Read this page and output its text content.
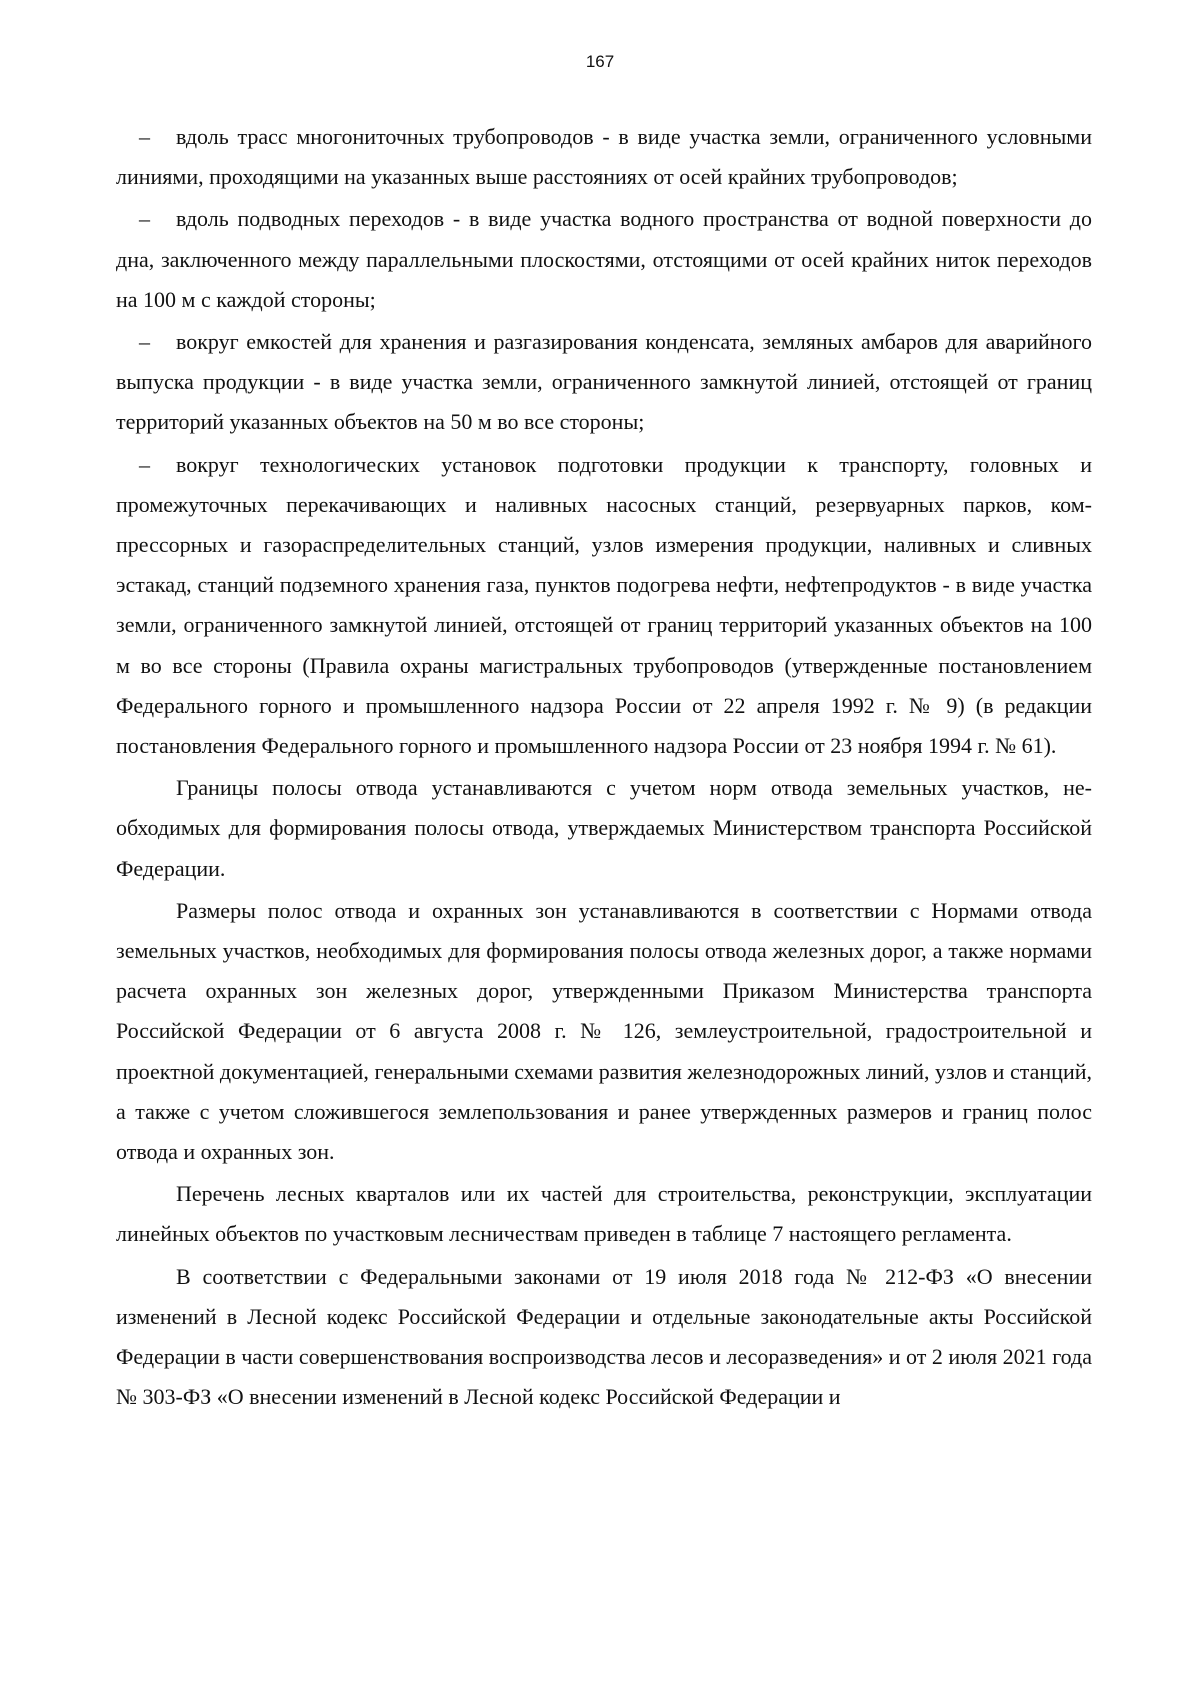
167

– вдоль трасс многониточных трубопроводов - в виде участка земли, ограниченного условными линиями, проходящими на указанных выше расстояниях от осей крайних трубопроводов;

– вдоль подводных переходов - в виде участка водного пространства от водной поверхности до дна, заключенного между параллельными плоскостями, отстоящими от осей крайних ниток переходов на 100 м с каждой стороны;

– вокруг емкостей для хранения и разгазирования конденсата, земляных амбаров для аварийного выпуска продукции - в виде участка земли, ограниченного замкнутой линией, отстоящей от границ территорий указанных объектов на 50 м во все стороны;

– вокруг технологических установок подготовки продукции к транспорту, головных и промежуточных перекачивающих и наливных насосных станций, резервуарных парков, компрессорных и газораспределительных станций, узлов измерения продукции, наливных и сливных эстакад, станций подземного хранения газа, пунктов подогрева нефти, нефтепродуктов - в виде участка земли, ограниченного замкнутой линией, отстоящей от границ территорий указанных объектов на 100 м во все стороны (Правила охраны магистральных трубопроводов (утвержденные постановлением Федерального горного и промышленного надзора России от 22 апреля 1992 г. № 9) (в редакции постановления Федерального горного и промышленного надзора России от 23 ноября 1994 г. № 61).

Границы полосы отвода устанавливаются с учетом норм отвода земельных участков, необходимых для формирования полосы отвода, утверждаемых Министерством транспорта Российской Федерации.

Размеры полос отвода и охранных зон устанавливаются в соответствии с Нормами отвода земельных участков, необходимых для формирования полосы отвода железных дорог, а также нормами расчета охранных зон железных дорог, утвержденными Приказом Министерства транспорта Российской Федерации от 6 августа 2008 г. № 126, землеустроительной, градостроительной и проектной документацией, генеральными схемами развития железнодорожных линий, узлов и станций, а также с учетом сложившегося землепользования и ранее утвержденных размеров и границ полос отвода и охранных зон.

Перечень лесных кварталов или их частей для строительства, реконструкции, эксплуатации линейных объектов по участковым лесничествам приведен в таблице 7 настоящего регламента.

В соответствии с Федеральными законами от 19 июля 2018 года № 212-ФЗ «О внесении изменений в Лесной кодекс Российской Федерации и отдельные законодательные акты Российской Федерации в части совершенствования воспроизводства лесов и лесоразведения» и от 2 июля 2021 года № 303-ФЗ «О внесении изменений в Лесной кодекс Российской Федерации и
